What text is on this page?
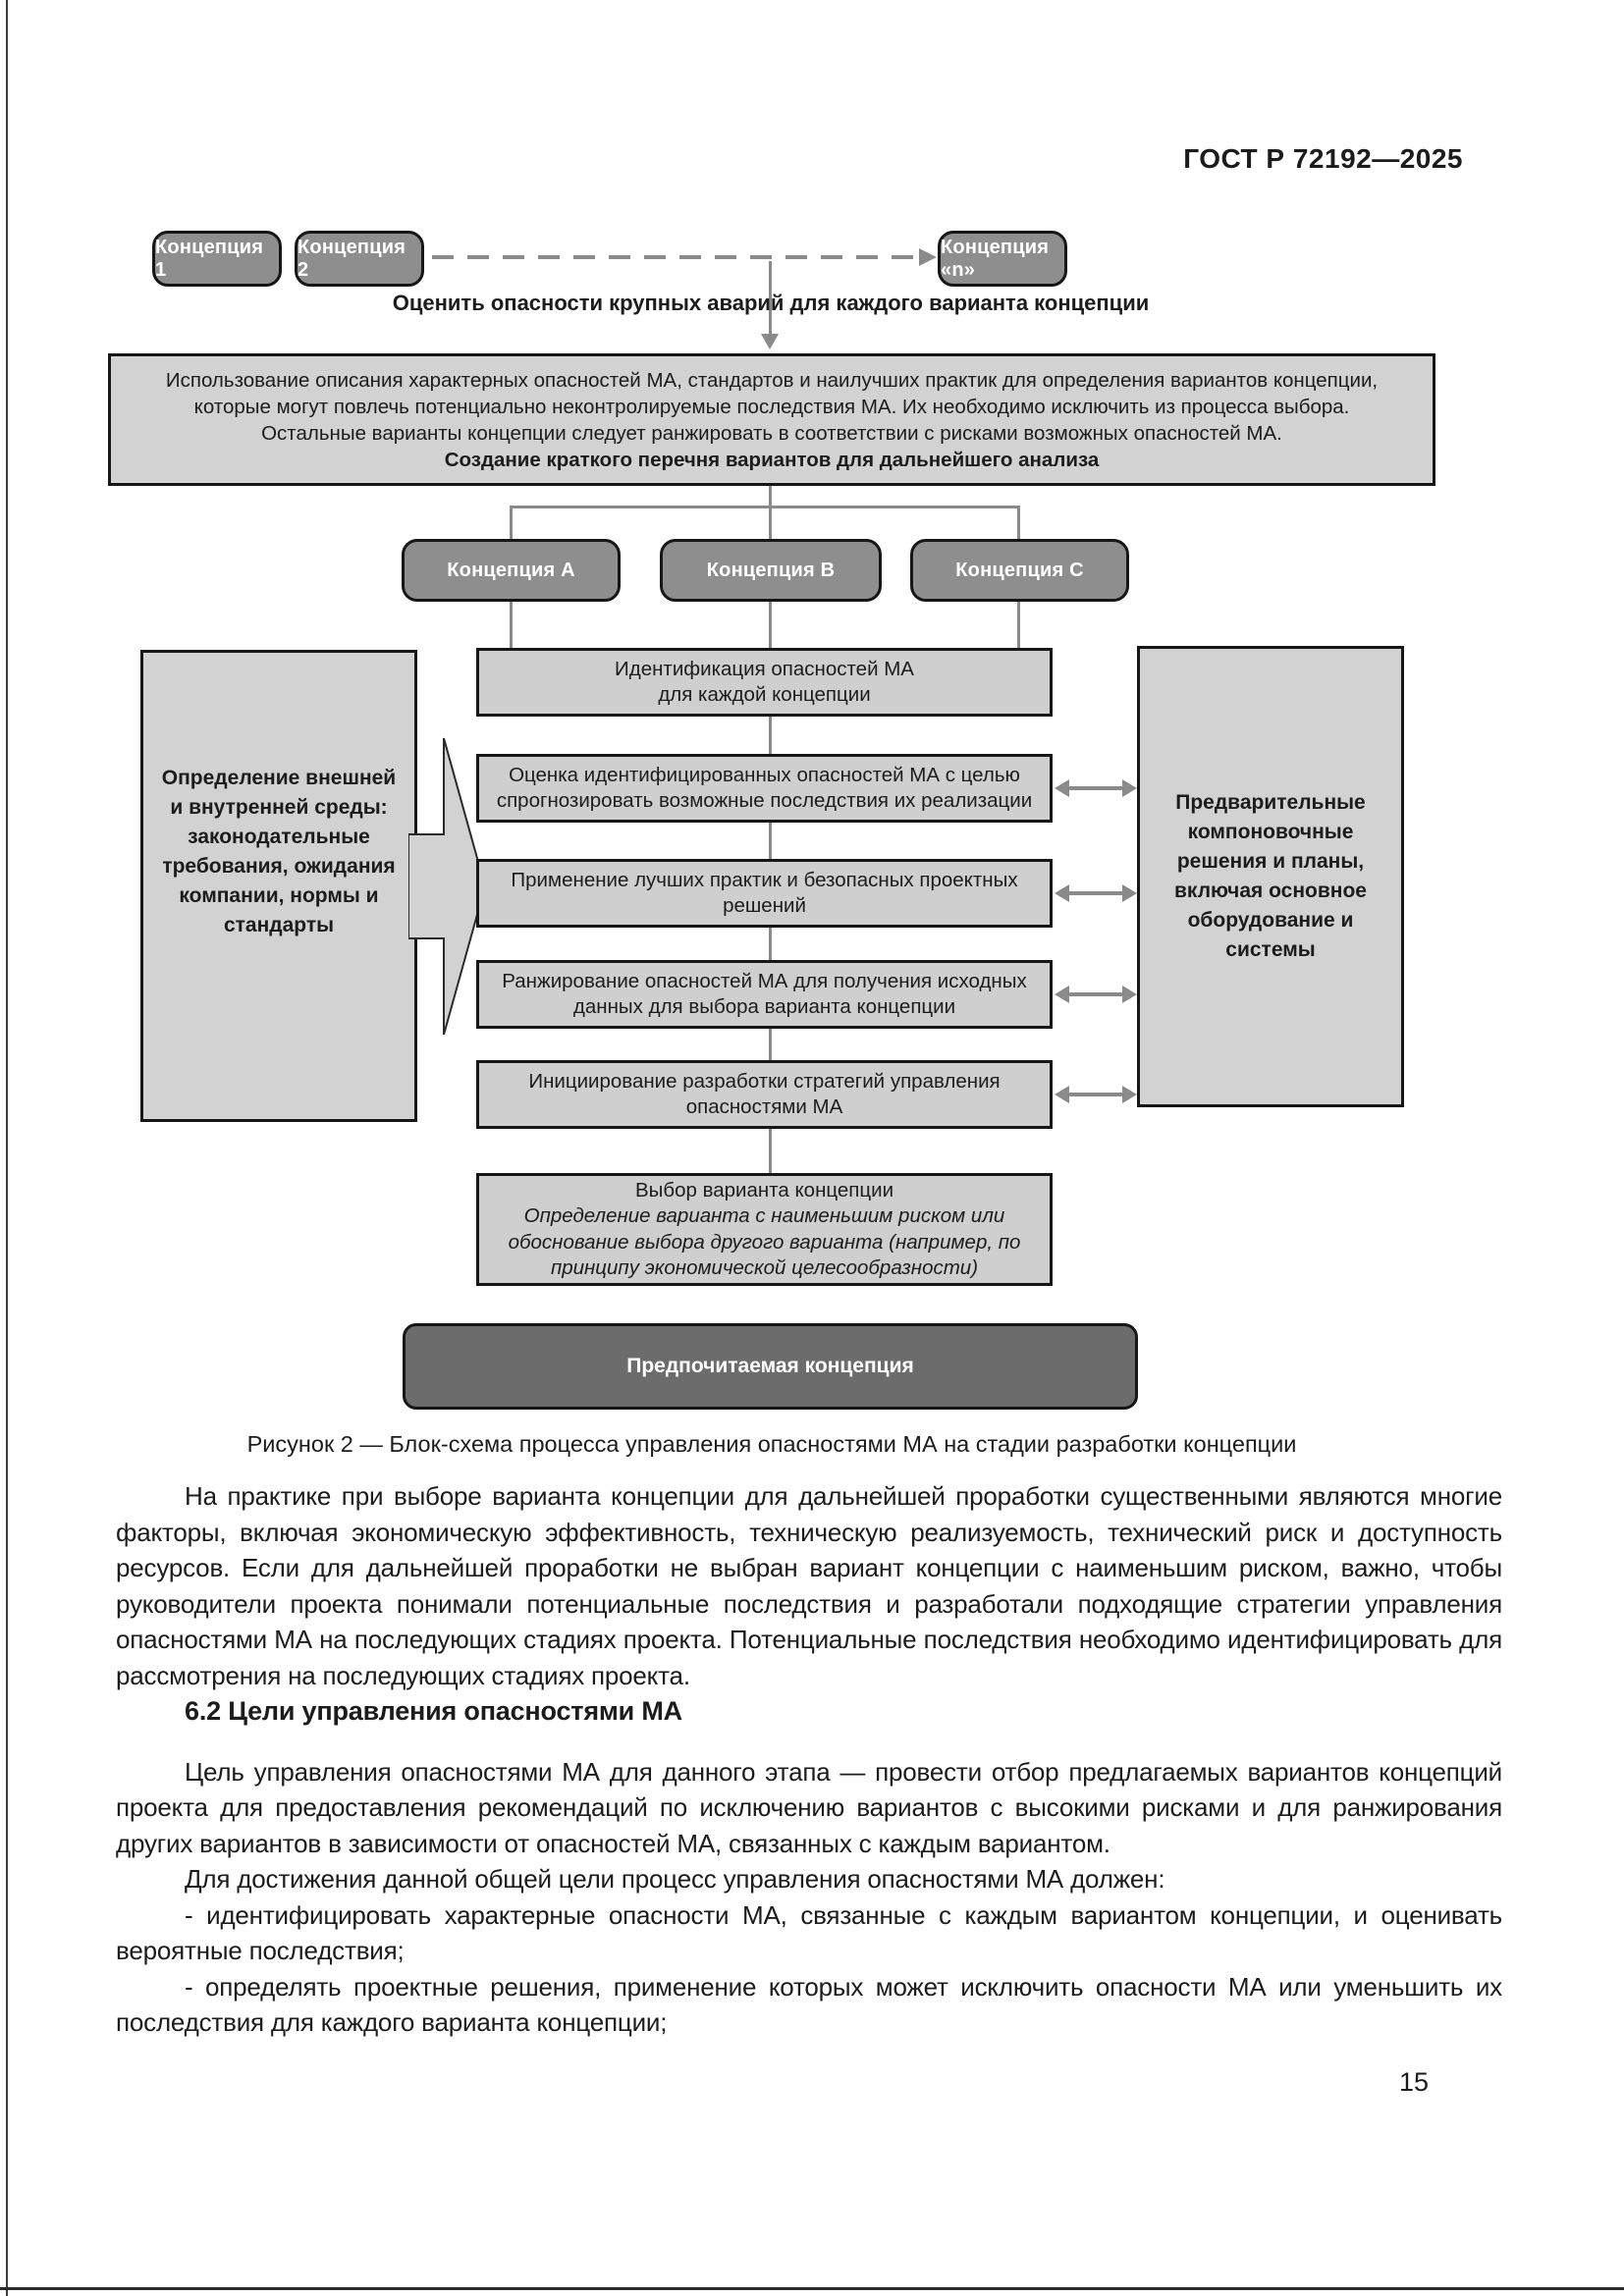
ГОСТ Р 72192—2025
Концепция 1
Концепция 2
Концепция «n»
Оценить опасности крупных аварий для каждого варианта концепции
Использование описания характерных опасностей МА, стандартов и наилучших практик для определения вариантов концепции, которые могут повлечь потенциально неконтролируемые последствия МА. Их необходимо исключить из процесса выбора. Остальные варианты концепции следует ранжировать в соответствии с рисками возможных опасностей МА.
Создание краткого перечня вариантов для дальнейшего анализа
Концепция А	Концепция В	Концепция С
Определение внешней и внутренней среды: законодательные требования, ожидания компании, нормы и стандарты
Предварительные компоновочные решения и планы, включая основное оборудование и системы
Идентификация опасностей МА для каждой концепции
Оценка идентифицированных опасностей МА с целью спрогнозировать возможные последствия их реализации
Применение лучших практик и безопасных проектных решений
Ранжирование опасностей МА для получения исходных данных для выбора варианта концепции
Инициирование разработки стратегий управления опасностями МА
Выбор варианта концепции
Определение варианта с наименьшим риском или обоснование выбора другого варианта (например, по принципу экономической целесообразности)
Предпочитаемая концепция
Рисунок 2 — Блок-схема процесса управления опасностями МА на стадии разработки концепции

На практике при выборе варианта концепции для дальнейшей проработки существенными являются многие факторы, включая экономическую эффективность, техническую реализуемость, технический риск и доступность ресурсов. Если для дальнейшей проработки не выбран вариант концепции с наименьшим риском, важно, чтобы руководители проекта понимали потенциальные последствия и разработали подходящие стратегии управления опасностями МА на последующих стадиях проекта. Потенциальные последствия необходимо идентифицировать для рассмотрения на последующих стадиях проекта.

6.2 Цели управления опасностями МА

Цель управления опасностями МА для данного этапа — провести отбор предлагаемых вариантов концепций проекта для предоставления рекомендаций по исключению вариантов с высокими рисками и для ранжирования других вариантов в зависимости от опасностей МА, связанных с каждым вариантом.

Для достижения данной общей цели процесс управления опасностями МА должен:

- идентифицировать характерные опасности МА, связанные с каждым вариантом концепции, и оценивать вероятные последствия;

- определять проектные решения, применение которых может исключить опасности МА или уменьшить их последствия для каждого варианта концепции;

15
